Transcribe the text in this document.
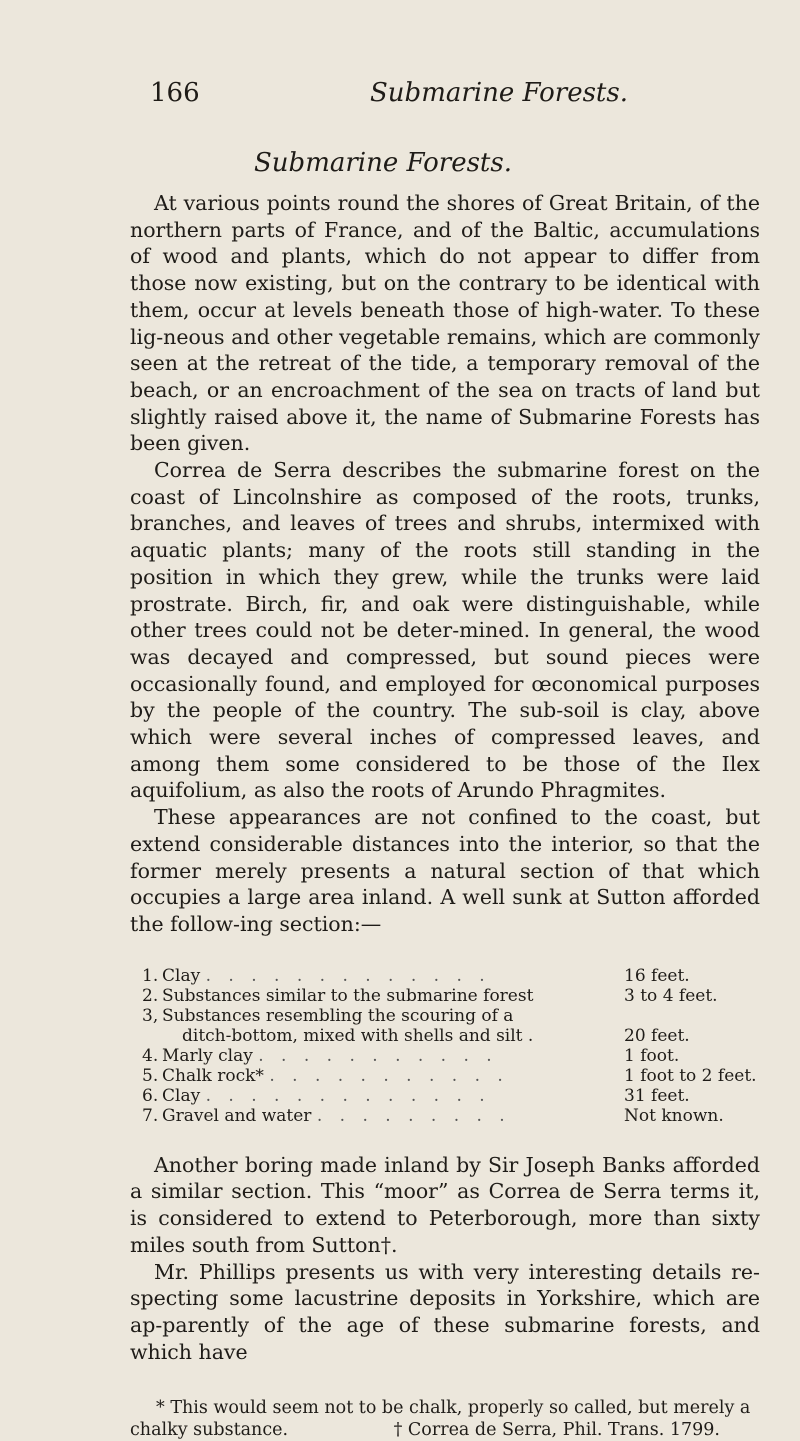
166	Submarine Forests.
Submarine Forests.

At various points round the shores of Great Britain, of the northern parts of France, and of the Baltic, accumulations of wood and plants, which do not appear to differ from those now existing, but on the contrary to be identical with them, occur at levels beneath those of high-water. To these lig-neous and other vegetable remains, which are commonly seen at the retreat of the tide, a temporary removal of the beach, or an encroachment of the sea on tracts of land but slightly raised above it, the name of Submarine Forests has been given.

Correa de Serra describes the submarine forest on the coast of Lincolnshire as composed of the roots, trunks, branches, and leaves of trees and shrubs, intermixed with aquatic plants; many of the roots still standing in the position in which they grew, while the trunks were laid prostrate. Birch, fir, and oak were distinguishable, while other trees could not be deter-mined. In general, the wood was decayed and compressed, but sound pieces were occasionally found, and employed for œconomical purposes by the people of the country. The sub-soil is clay, above which were several inches of compressed leaves, and among them some considered to be those of the Ilex aquifolium, as also the roots of Arundo Phragmites.

These appearances are not confined to the coast, but extend considerable distances into the interior, so that the former merely presents a natural section of that which occupies a large area inland. A well sunk at Sutton afforded the follow-ing section:—

1. Clay . . . . . . . . . . . . .	16 feet.
2. Substances similar to the submarine forest	3 to 4 feet.
3, Substances resembling the scouring of a
ditch-bottom, mixed with shells and silt .	20 feet.
4. Marly clay . . . . . . . . . . .	1 foot.
5. Chalk rock* . . . . . . . . . . .	1 foot to 2 feet.
6. Clay . . . . . . . . . . . . .	31 feet.
7. Gravel and water . . . . . . . . .	Not known.

Another boring made inland by Sir Joseph Banks afforded a similar section. This “moor” as Correa de Serra terms it, is considered to extend to Peterborough, more than sixty miles south from Sutton†.

Mr. Phillips presents us with very interesting details re-specting some lacustrine deposits in Yorkshire, which are ap-parently of the age of these submarine forests, and which have

* This would seem not to be chalk, properly so called, but merely a
chalky substance.	† Correa de Serra, Phil. Trans. 1799.
